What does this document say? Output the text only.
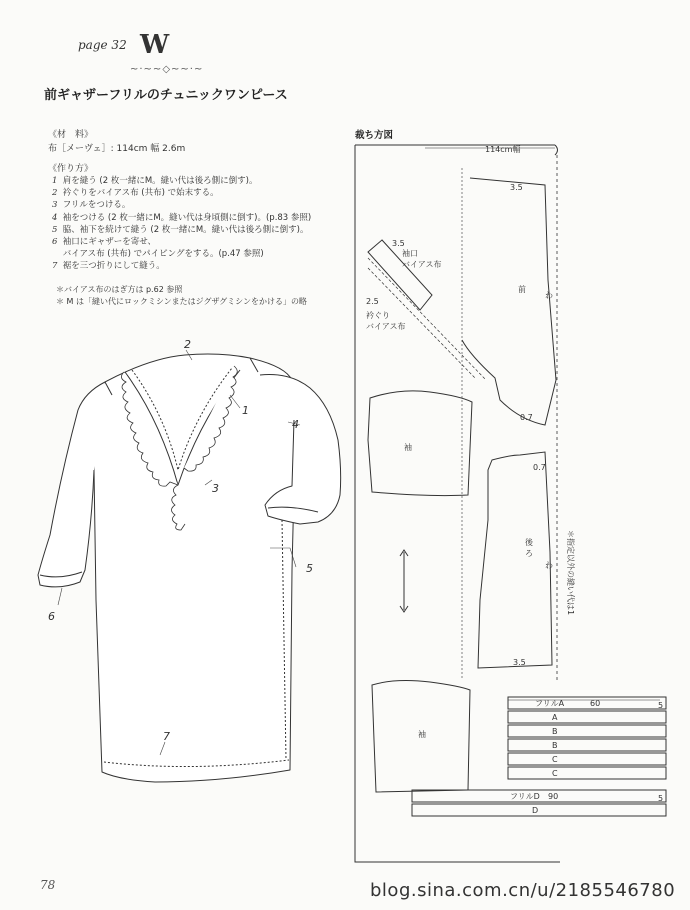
page 32 W
~·~~◇~~·~
前ギャザーフリルのチュニックワンピース
《材　料》
布［メーヴェ］: 114cm 幅 2.6m
《作り方》
1 肩を縫う (2 枚一緒にM。縫い代は後ろ側に倒す)。
2 衿ぐりをバイアス布 (共布) で始末する。
3 フリルをつける。
4 袖をつける (2 枚一緒にM。縫い代は身頃側に倒す)。(p.83 参照)
5 脇、袖下を続けて縫う (2 枚一緒にM。縫い代は後ろ側に倒す)。
6 袖口にギャザーを寄せ、
バイアス布 (共布) でパイピングをする。(p.47 参照)
7 裾を三つ折りにして縫う。
＊バイアス布のはぎ方は p.62 参照
＊ M は「縫い代にロックミシンまたはジグザグミシンをかける」の略
2
1
4
3
5
6
7
裁ち方図
114cm幅
3.5
前
わ
0.7
0.7
後
ろ
わ
3.5
3.5
袖口
バイアス布
2.5
衿ぐり
バイアス布
袖
袖
フリルA	60	5
A
B
B
C
C
フリルD 90	5
D
＊指定以外の縫い代は1
78	blog.sina.com.cn/u/2185546780
